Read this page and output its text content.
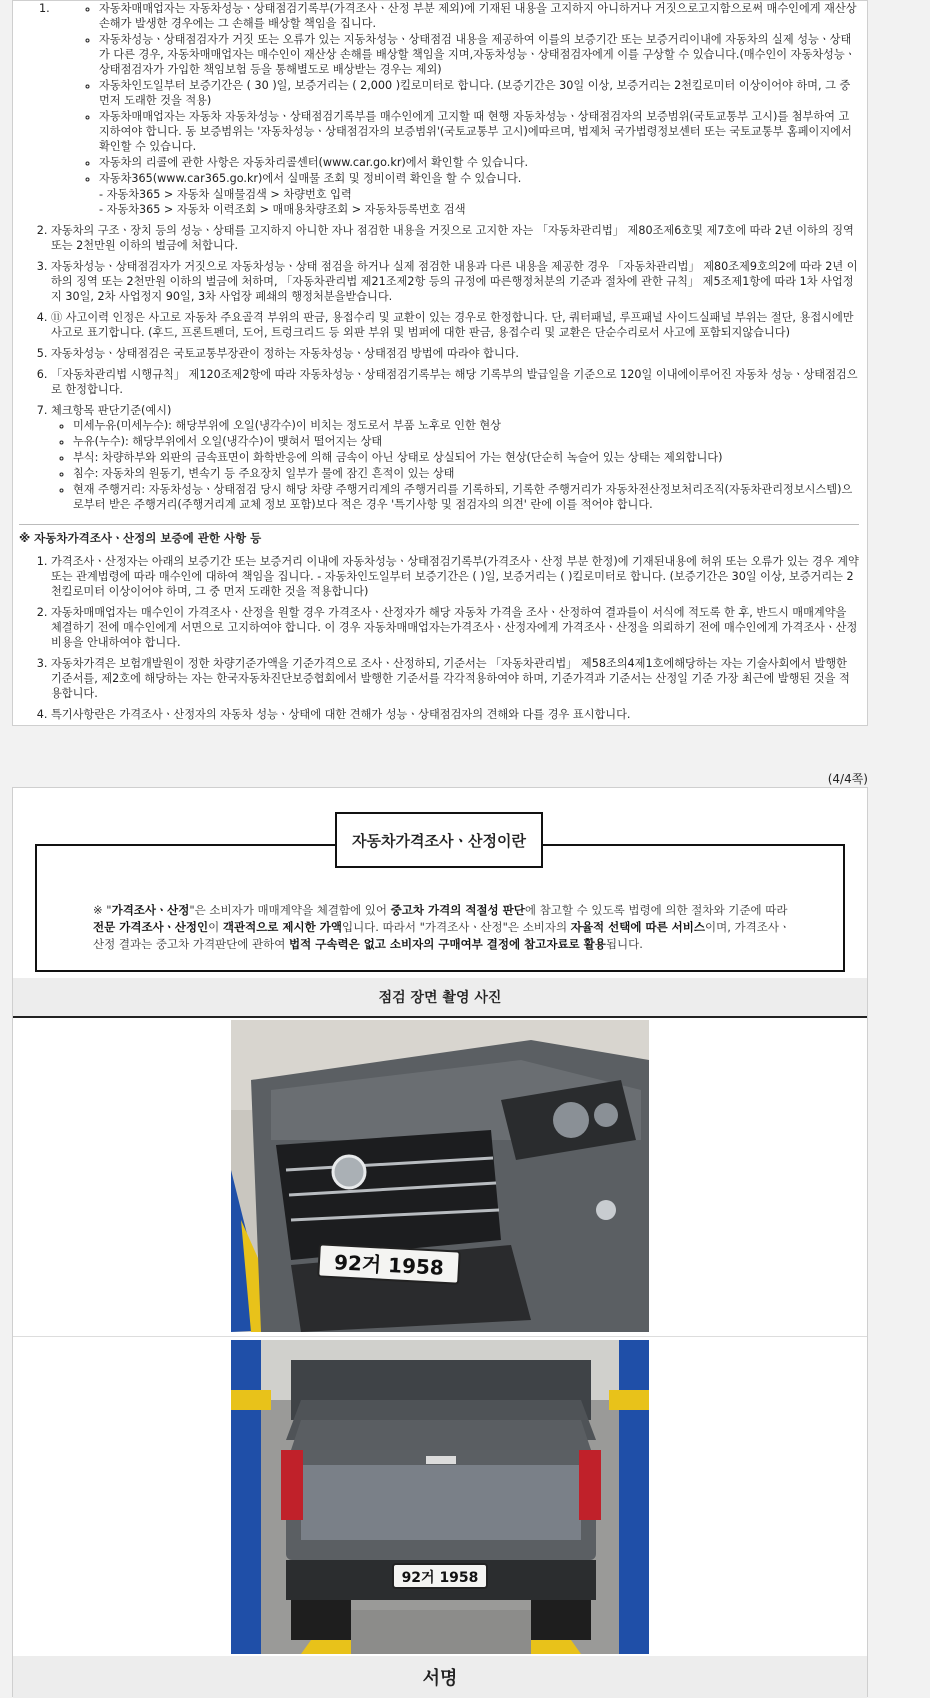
1.
◦	자동차매매업자는 자동차성능ㆍ상태점검기록부(가격조사ㆍ산정 부분 제외)에 기재된 내용을 고지하지 아니하거나 거짓으로고지함으로써 매수인에게 재산상 손해가 발생한 경우에는 그 손해를 배상할 책임을 집니다.
◦ 자동차성능ㆍ상태점검자가 거짓 또는 오류가 있는 지동차성능ㆍ상태점검 내용을 제공하여 이를의 보증기간 또는 보증거리이내에 자동차의 실제 성능ㆍ상태가 다른 경우, 자동차매매업자는 매수인이 재산상 손해를 배상할 책임을 지며,자동차성능ㆍ상태점검자에게 이를 구상할 수 있습니다.(매수인이 자동차성능ㆍ상태점검자가 가입한 책임보험 등을 통해별도로 배상받는 경우는 제외)
◦ 자동차인도일부터 보증기간은 ( 30 )일, 보증거리는 ( 2,000 )킬로미터로 합니다. (보증기간은 30일 이상, 보증거리는 2천킬로미터 이상이어야 하며, 그 중 먼저 도래한 것을 적용)
◦ 자동차매매업자는 자동차 자동차성능ㆍ상태점검기록부를 매수인에게 고지할 때 현행 자동차성능ㆍ상태점검자의 보증범위(국토교통부 고시)를 첨부하여 고지하여야 합니다. 동 보증범위는 '자동차성능ㆍ상태점검자의 보증범위'(국토교통부 고시)에따르며, 법제처 국가법령정보센터 또는 국토교통부 홈페이지에서 확인할 수 있습니다.
◦ 자동차의 리콜에 관한 사항은 자동차리콜센터(www.car.go.kr)에서 확인할 수 있습니다.
◦ 자동차365(www.car365.go.kr)에서 실매물 조회 및 정비이력 확인을 할 수 있습니다.
- 자동차365 > 자동차 실매물검색 > 차량번호 입력
- 자동차365 > 자동차 이력조회 > 매매용차량조회 > 자동차등록번호 검색
2. 자동차의 구조ㆍ장치 등의 성능ㆍ상태를 고지하지 아니한 자나 점검한 내용을 거짓으로 고지한 자는 「자동차관리법」 제80조제6호및 제7호에 따라 2년 이하의 징역 또는 2천만원 이하의 벌금에 처합니다.
3. 자동차성능ㆍ상태점검자가 거짓으로 자동차성능ㆍ상태 점검을 하거나 실제 점검한 내용과 다른 내용을 제공한 경우 「자동차관리법」 제80조제9호의2에 따라 2년 이하의 징역 또는 2천만원 이하의 벌금에 처하며, 「자동차관리법 제21조제2항 등의 규정에 따른행정처분의 기준과 절차에 관한 규칙」 제5조제1항에 따라 1차 사업정지 30일, 2차 사업정지 90일, 3차 사업장 폐쇄의 행정처분을받습니다.
4. ⑪ 사고이력 인정은 사고로 자동차 주요골격 부위의 판금, 용접수리 및 교환이 있는 경우로 한정합니다. 단, 쿼터패널, 루프패널 사이드실패널 부위는 절단, 용접시에만 사고로 표기합니다. (후드, 프론트펜더, 도어, 트렁크리드 등 외판 부위 및 범퍼에 대한 판금, 용접수리 및 교환은 단순수리로서 사고에 포함되지않습니다)
5. 자동차성능ㆍ상태점검은 국토교통부장관이 정하는 자동차성능ㆍ상태점검 방법에 따라야 합니다.
6. 「자동차관리법 시행규칙」 제120조제2항에 따라 자동차성능ㆍ상태점검기록부는 해당 기록부의 발급일을 기준으로 120일 이내에이루어진 자동차 성능ㆍ상태점검으로 한정합니다.
7. 체크항목 판단기준(예시)
◦ 미세누유(미세누수): 해당부위에 오일(냉각수)이 비치는 정도로서 부품 노후로 인한 현상
◦ 누유(누수): 해당부위에서 오일(냉각수)이 맺혀서 떨어지는 상태
◦ 부식: 차량하부와 외판의 금속표면이 화학반응에 의해 금속이 아닌 상태로 상실되어 가는 현상(단순히 녹슬어 있는 상태는 제외합니다)
◦ 침수: 자동차의 원동기, 변속기 등 주요장치 일부가 물에 잠긴 흔적이 있는 상태
◦ 현재 주행거리: 자동차성능ㆍ상태점검 당시 해당 차량 주행거리계의 주행거리를 기록하되, 기록한 주행거리가 자동차전산정보처리조직(자동차관리정보시스템)으로부터 받은 주행거리(주행거리계 교체 정보 포함)보다 적은 경우 '특기사항 및 점검자의 의견' 란에 이를 적어야 합니다.
※ 자동차가격조사ㆍ산정의 보증에 관한 사항 등
1. 가격조사ㆍ산정자는 아래의 보증기간 또는 보증거리 이내에 자동차성능ㆍ상태점검기록부(가격조사ㆍ산정 부분 한정)에 기재된내용에 허위 또는 오류가 있는 경우 계약 또는 관계법령에 따라 매수인에 대하여 책임을 집니다. - 자동차인도일부터 보증기간은 ( )일, 보증거리는 ( )킬로미터로 합니다. (보증기간은 30일 이상, 보증거리는 2천킬로미터 이상이어야 하며, 그 중 먼저 도래한 것을 적용합니다)
2. 자동차매매업자는 매수인이 가격조사ㆍ산정을 원할 경우 가격조사ㆍ산정자가 해당 자동차 가격을 조사ㆍ산정하여 결과를이 서식에 적도록 한 후, 반드시 매매계약을 체결하기 전에 매수인에게 서면으로 고지하여야 합니다. 이 경우 자동차매매업자는가격조사ㆍ산정자에게 가격조사ㆍ산정을 의뢰하기 전에 매수인에게 가격조사ㆍ산정 비용을 안내하여야 합니다.
3. 자동차가격은 보험개발원이 정한 차량기준가액을 기준가격으로 조사ㆍ산정하되, 기준서는 「자동차관리법」 제58조의4제1호에해당하는 자는 기술사회에서 발행한 기준서를, 제2호에 해당하는 자는 한국자동차진단보증협회에서 발행한 기준서를 각각적용하여야 하며, 기준가격과 기준서는 산정일 기준 가장 최근에 발행된 것을 적용합니다.
4. 특기사항란은 가격조사ㆍ산정자의 자동차 성능ㆍ상태에 대한 견해가 성능ㆍ상태점검자의 견해와 다를 경우 표시합니다.
(4/4쪽)
※ "가격조사ㆍ산정"은 소비자가 매매계약을 체결함에 있어 중고차 가격의 적절성 판단에 참고할 수 있도록 법령에 의한 절차와 기준에 따라 전문 가격조사ㆍ산정인이 객관적으로 제시한 가액입니다. 따라서 "가격조사ㆍ산정"은 소비자의 자율적 선택에 따른 서비스이며, 가격조사ㆍ산정 결과는 중고차 가격판단에 관하여 법적 구속력은 없고 소비자의 구매여부 결정에 참고자료로 활용됩니다.
자동차가격조사ㆍ산정이란
점검 장면 촬영 사진
92거 1958
92거 1958
서명
